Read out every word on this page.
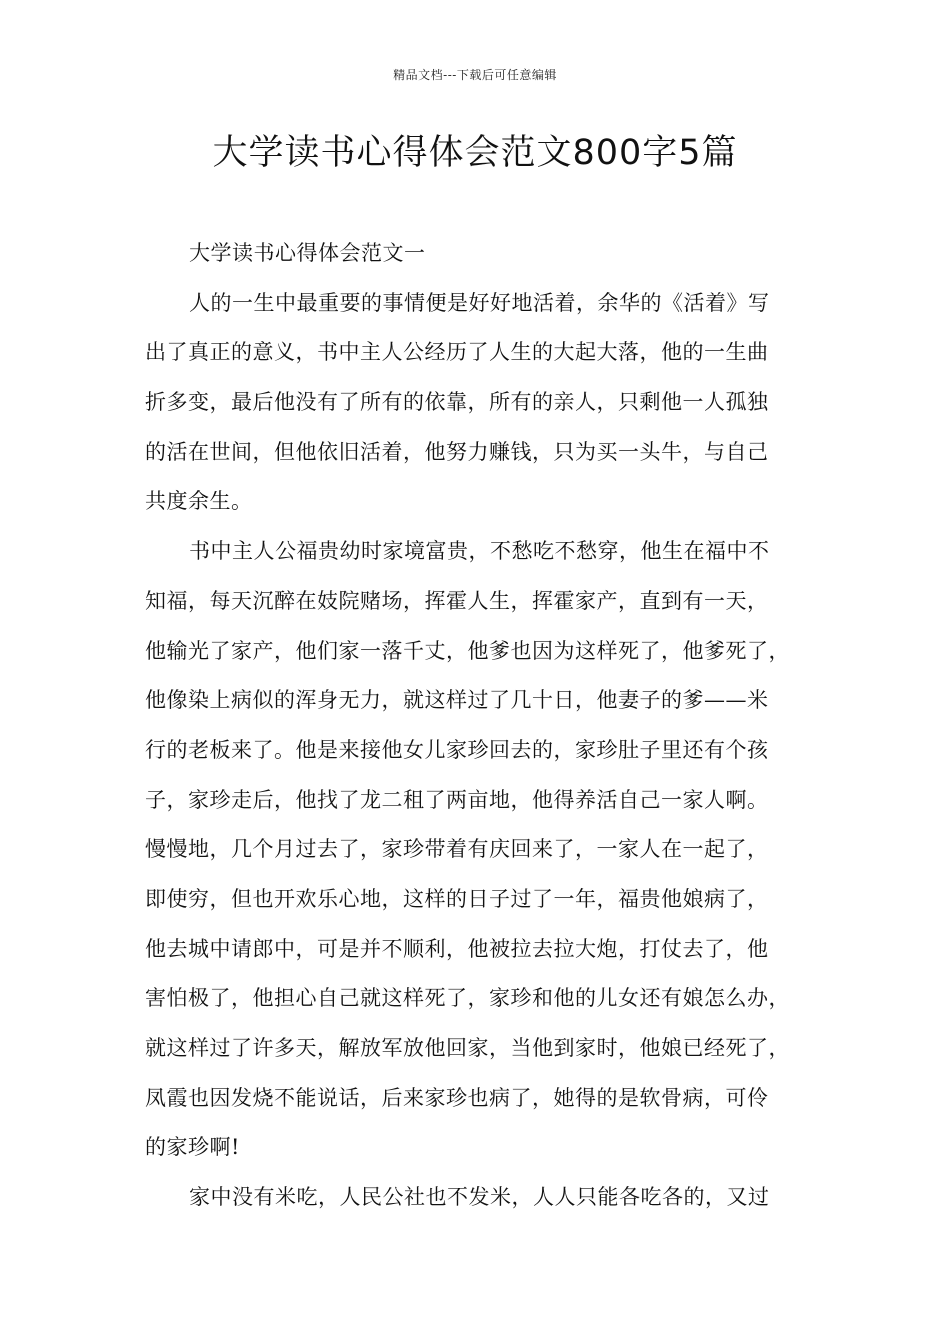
精品文档---下载后可任意编辑
大学读书心得体会范文800字5篇
大学读书心得体会范文一
人的一生中最重要的事情便是好好地活着，余华的《活着》写
出了真正的意义，书中主人公经历了人生的大起大落，他的一生曲
折多变，最后他没有了所有的依靠，所有的亲人，只剩他一人孤独
的活在世间，但他依旧活着，他努力赚钱，只为买一头牛，与自己
共度余生。
书中主人公福贵幼时家境富贵，不愁吃不愁穿，他生在福中不
知福，每天沉醉在妓院赌场，挥霍人生，挥霍家产，直到有一天，
他输光了家产，他们家一落千丈，他爹也因为这样死了，他爹死了，
他像染上病似的浑身无力，就这样过了几十日，他妻子的爹——米
行的老板来了。他是来接他女儿家珍回去的，家珍肚子里还有个孩
子，家珍走后，他找了龙二租了两亩地，他得养活自己一家人啊。
慢慢地，几个月过去了，家珍带着有庆回来了，一家人在一起了，
即使穷，但也开欢乐心地，这样的日子过了一年，福贵他娘病了，
他去城中请郎中，可是并不顺利，他被拉去拉大炮，打仗去了，他
害怕极了，他担心自己就这样死了，家珍和他的儿女还有娘怎么办，
就这样过了许多天，解放军放他回家，当他到家时，他娘已经死了，
凤霞也因发烧不能说话，后来家珍也病了，她得的是软骨病，可伶
的家珍啊!
家中没有米吃，人民公社也不发米，人人只能各吃各的，又过
